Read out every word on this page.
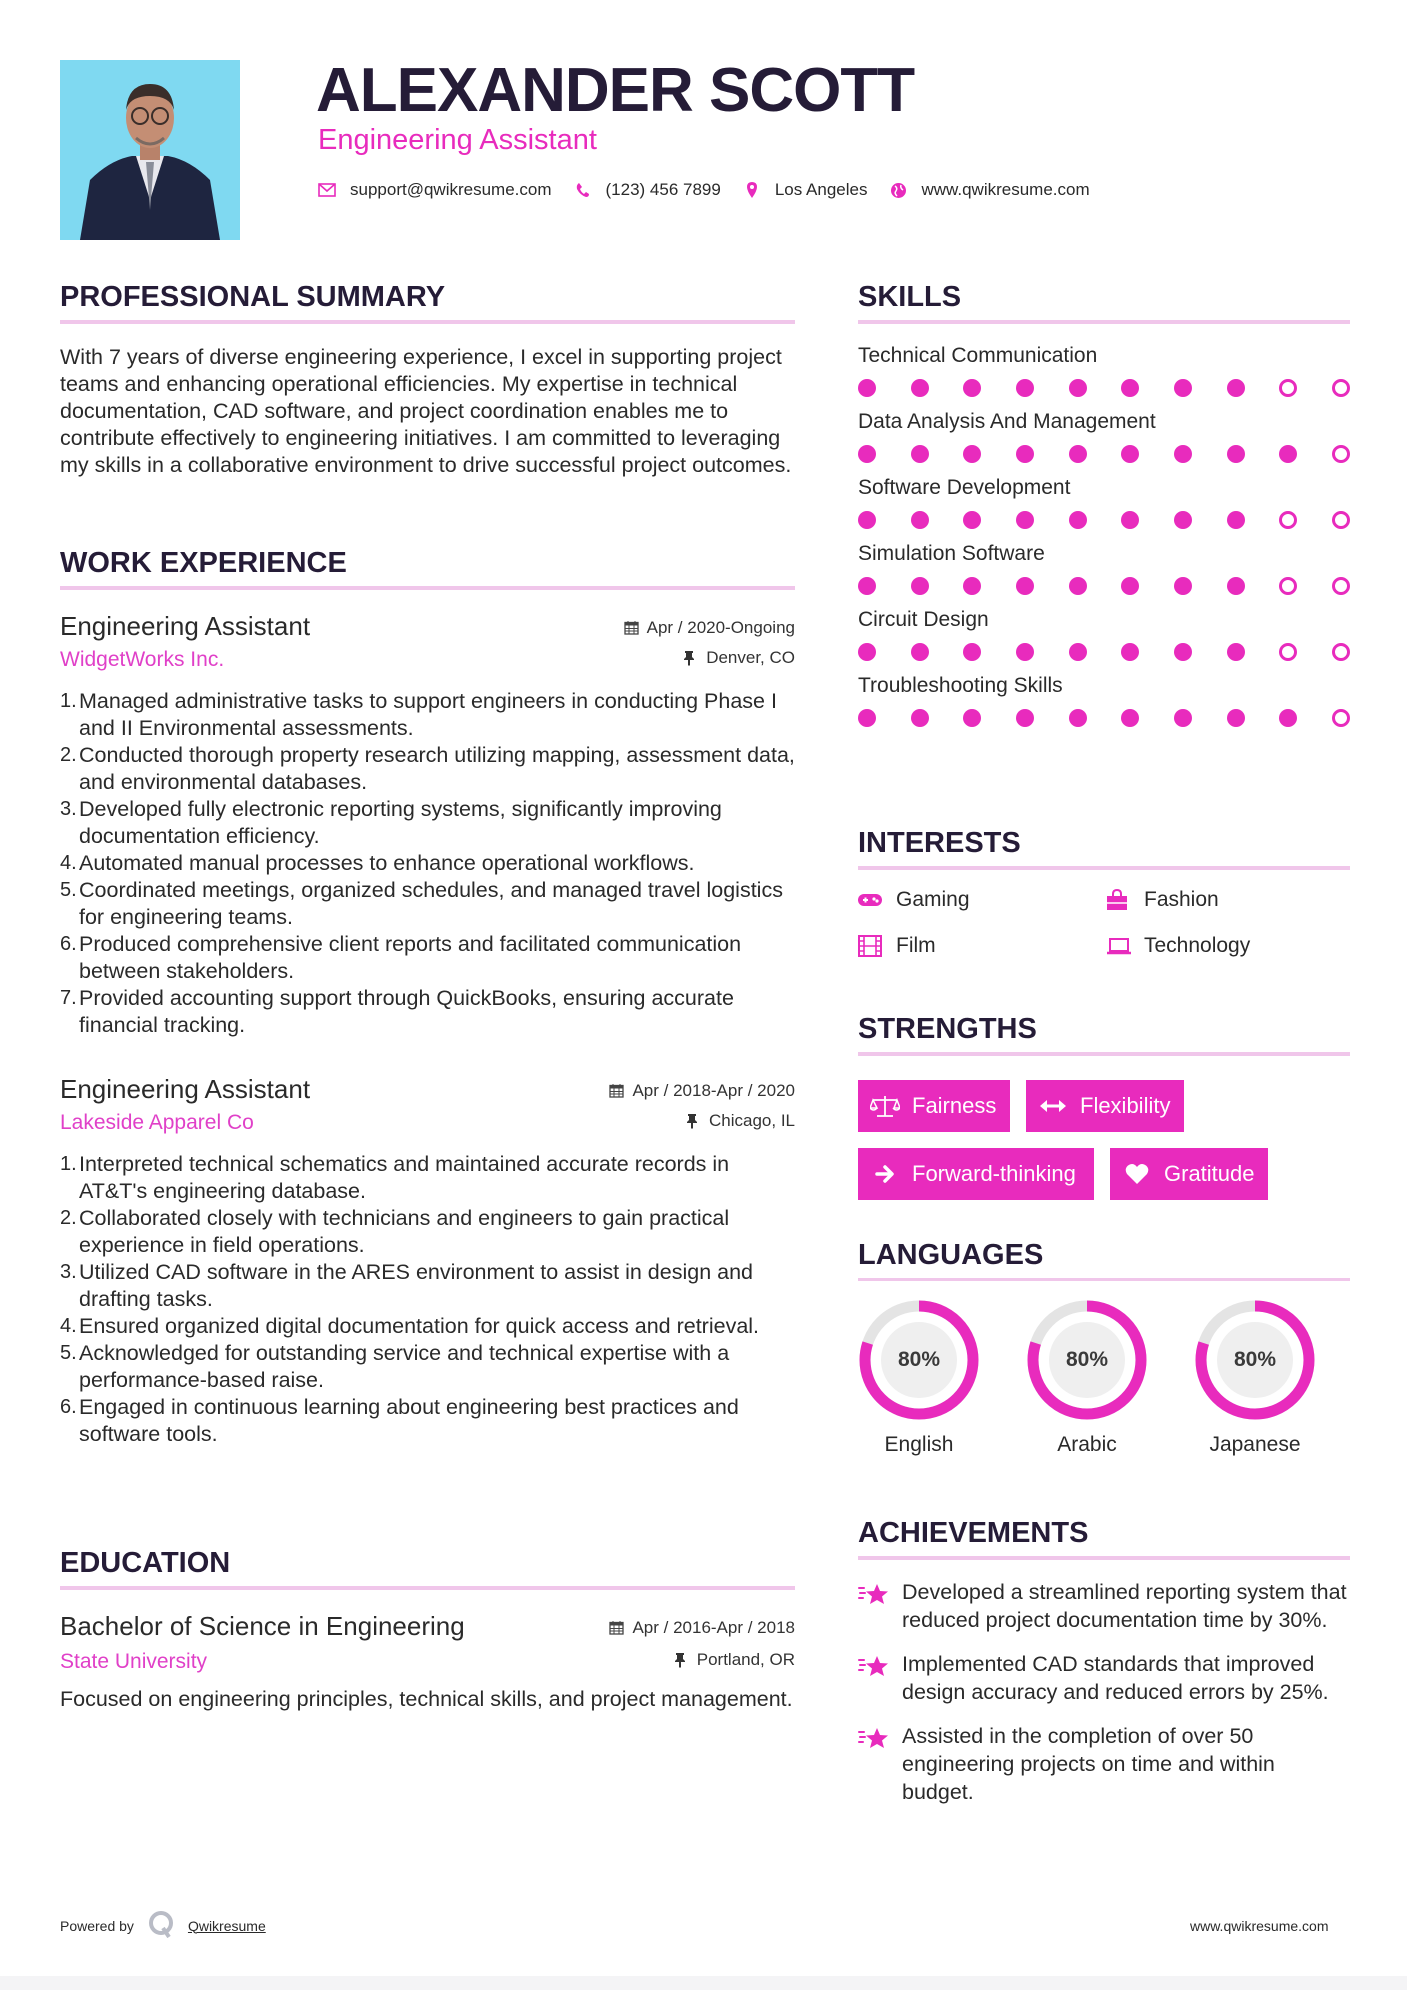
ALEXANDER SCOTT
Engineering Assistant
support@qwikresume.com	(123) 456 7899	Los Angeles	www.qwikresume.com
PROFESSIONAL SUMMARY
With 7 years of diverse engineering experience, I excel in supporting project teams and enhancing operational efficiencies. My expertise in technical documentation, CAD software, and project coordination enables me to contribute effectively to engineering initiatives. I am committed to leveraging my skills in a collaborative environment to drive successful project outcomes.
WORK EXPERIENCE
Engineering Assistant	Apr / 2020-Ongoing
WidgetWorks Inc.	Denver, CO
1. Managed administrative tasks to support engineers in conducting Phase I and II Environmental assessments.
2. Conducted thorough property research utilizing mapping, assessment data, and environmental databases.
3. Developed fully electronic reporting systems, significantly improving documentation efficiency.
4. Automated manual processes to enhance operational workflows.
5. Coordinated meetings, organized schedules, and managed travel logistics for engineering teams.
6. Produced comprehensive client reports and facilitated communication between stakeholders.
7. Provided accounting support through QuickBooks, ensuring accurate financial tracking.
Engineering Assistant	Apr / 2018-Apr / 2020
Lakeside Apparel Co	Chicago, IL
1. Interpreted technical schematics and maintained accurate records in AT&T's engineering database.
2. Collaborated closely with technicians and engineers to gain practical experience in field operations.
3. Utilized CAD software in the ARES environment to assist in design and drafting tasks.
4. Ensured organized digital documentation for quick access and retrieval.
5. Acknowledged for outstanding service and technical expertise with a performance-based raise.
6. Engaged in continuous learning about engineering best practices and software tools.
EDUCATION
Bachelor of Science in Engineering	Apr / 2016-Apr / 2018
State University	Portland, OR
Focused on engineering principles, technical skills, and project management.
SKILLS
Technical Communication
Data Analysis And Management
Software Development
Simulation Software
Circuit Design
Troubleshooting Skills
INTERESTS
Gaming	Fashion
Film	Technology
STRENGTHS
Fairness	Flexibility
Forward-thinking	Gratitude
LANGUAGES
80%
English
80%
Arabic
80%
Japanese
ACHIEVEMENTS
Developed a streamlined reporting system that reduced project documentation time by 30%.
Implemented CAD standards that improved design accuracy and reduced errors by 25%.
Assisted in the completion of over 50 engineering projects on time and within budget.
Powered by	Qwikresume	www.qwikresume.com
